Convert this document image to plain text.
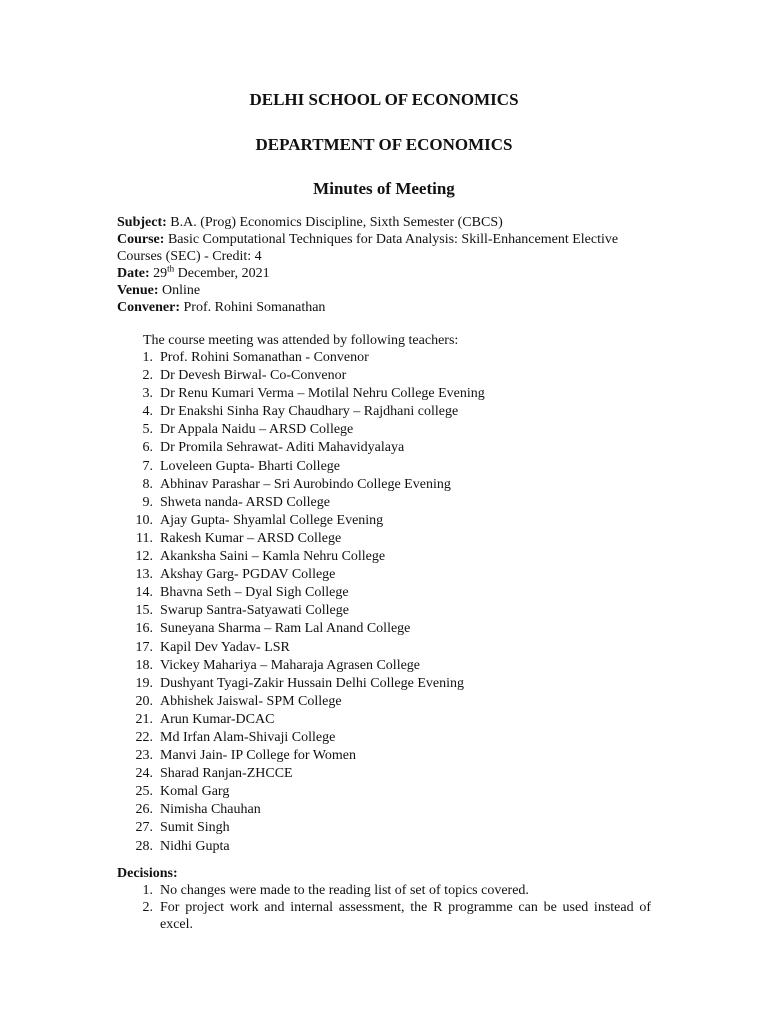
DELHI SCHOOL OF ECONOMICS
DEPARTMENT OF ECONOMICS
Minutes of Meeting
Subject: B.A. (Prog) Economics Discipline, Sixth Semester (CBCS)
Course: Basic Computational Techniques for Data Analysis: Skill-Enhancement Elective
Courses (SEC) - Credit: 4
Date: 29th December, 2021
Venue: Online
Convener: Prof. Rohini Somanathan
The course meeting was attended by following teachers:
1.  Prof. Rohini Somanathan - Convenor
2.  Dr Devesh Birwal- Co-Convenor
3.  Dr Renu Kumari Verma – Motilal Nehru College Evening
4.  Dr Enakshi Sinha Ray Chaudhary – Rajdhani college
5.  Dr Appala Naidu – ARSD College
6.  Dr Promila Sehrawat- Aditi Mahavidyalaya
7.  Loveleen Gupta- Bharti College
8.  Abhinav Parashar – Sri Aurobindo College Evening
9.  Shweta nanda- ARSD College
10.  Ajay Gupta- Shyamlal College Evening
11.  Rakesh Kumar – ARSD College
12.  Akanksha Saini – Kamla Nehru College
13.  Akshay Garg- PGDAV College
14.  Bhavna Seth – Dyal Sigh College
15.  Swarup Santra-Satyawati College
16.  Suneyana Sharma – Ram Lal Anand College
17.  Kapil Dev Yadav- LSR
18.  Vickey Mahariya – Maharaja Agrasen College
19.  Dushyant Tyagi-Zakir Hussain Delhi College Evening
20.  Abhishek Jaiswal- SPM College
21.  Arun Kumar-DCAC
22.  Md Irfan Alam-Shivaji College
23.  Manvi Jain- IP College for Women
24.  Sharad Ranjan-ZHCCE
25.  Komal Garg
26.  Nimisha Chauhan
27.  Sumit Singh
28.  Nidhi Gupta
Decisions:
1. No changes were made to the reading list of set of topics covered.
2. For project work and internal assessment, the R programme can be used instead of excel.
